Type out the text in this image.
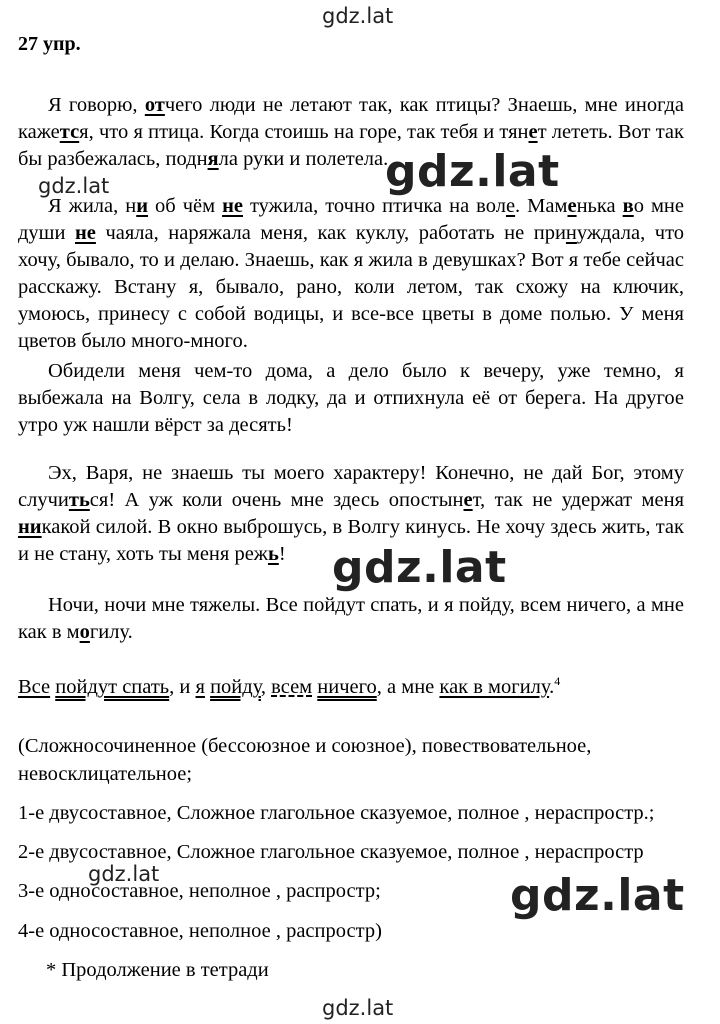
gdz.lat
gdz.lat
gdz.lat
gdz.lat
gdz.lat	gdz.lat
gdz.lat
27 упр.
Я говорю, отчего люди не летают так, как птицы? Знаешь, мне иногда кажется, что я птица. Когда стоишь на горе, так тебя и тянет лететь. Вот так бы разбежалась, подняла руки и полетела.
Я жила, ни об чём не тужила, точно птичка на воле. Маменька во мне души не чаяла, наряжала меня, как куклу, работать не принуждала, что хочу, бывало, то и делаю. Знаешь, как я жила в девушках? Вот я тебе сейчас расскажу. Встану я, бывало, рано, коли летом, так схожу на ключик, умоюсь, принесу с собой водицы, и все-все цветы в доме полью. У меня цветов было много-много.
Обидели меня чем-то дома, а дело было к вечеру, уже темно, я выбежала на Волгу, села в лодку, да и отпихнула её от берега. На другое утро уж нашли вёрст за десять!
Эх, Варя, не знаешь ты моего характеру! Конечно, не дай Бог, этому случиться! А уж коли очень мне здесь опостынет, так не удержат меня никакой силой. В окно выброшусь, в Волгу кинусь. Не хочу здесь жить, так и не стану, хоть ты меня режь!
Ночи, ночи мне тяжелы. Все пойдут спать, и я пойду, всем ничего, а мне как в могилу.
Все пойдут спать, и я пойду, всем ничего, а мне как в могилу.$^4$
(Сложносочиненное (бессоюзное и союзное), повествовательное,
невосклицательное;
1-е двусоставное, Сложное глагольное сказуемое, полное , нераспростр.;
2-е двусоставное, Сложное глагольное сказуемое, полное , нераспростр
3-е односоставное, неполное , распростр;
4-е односоставное, неполное , распростр)
* Продолжение в тетради
